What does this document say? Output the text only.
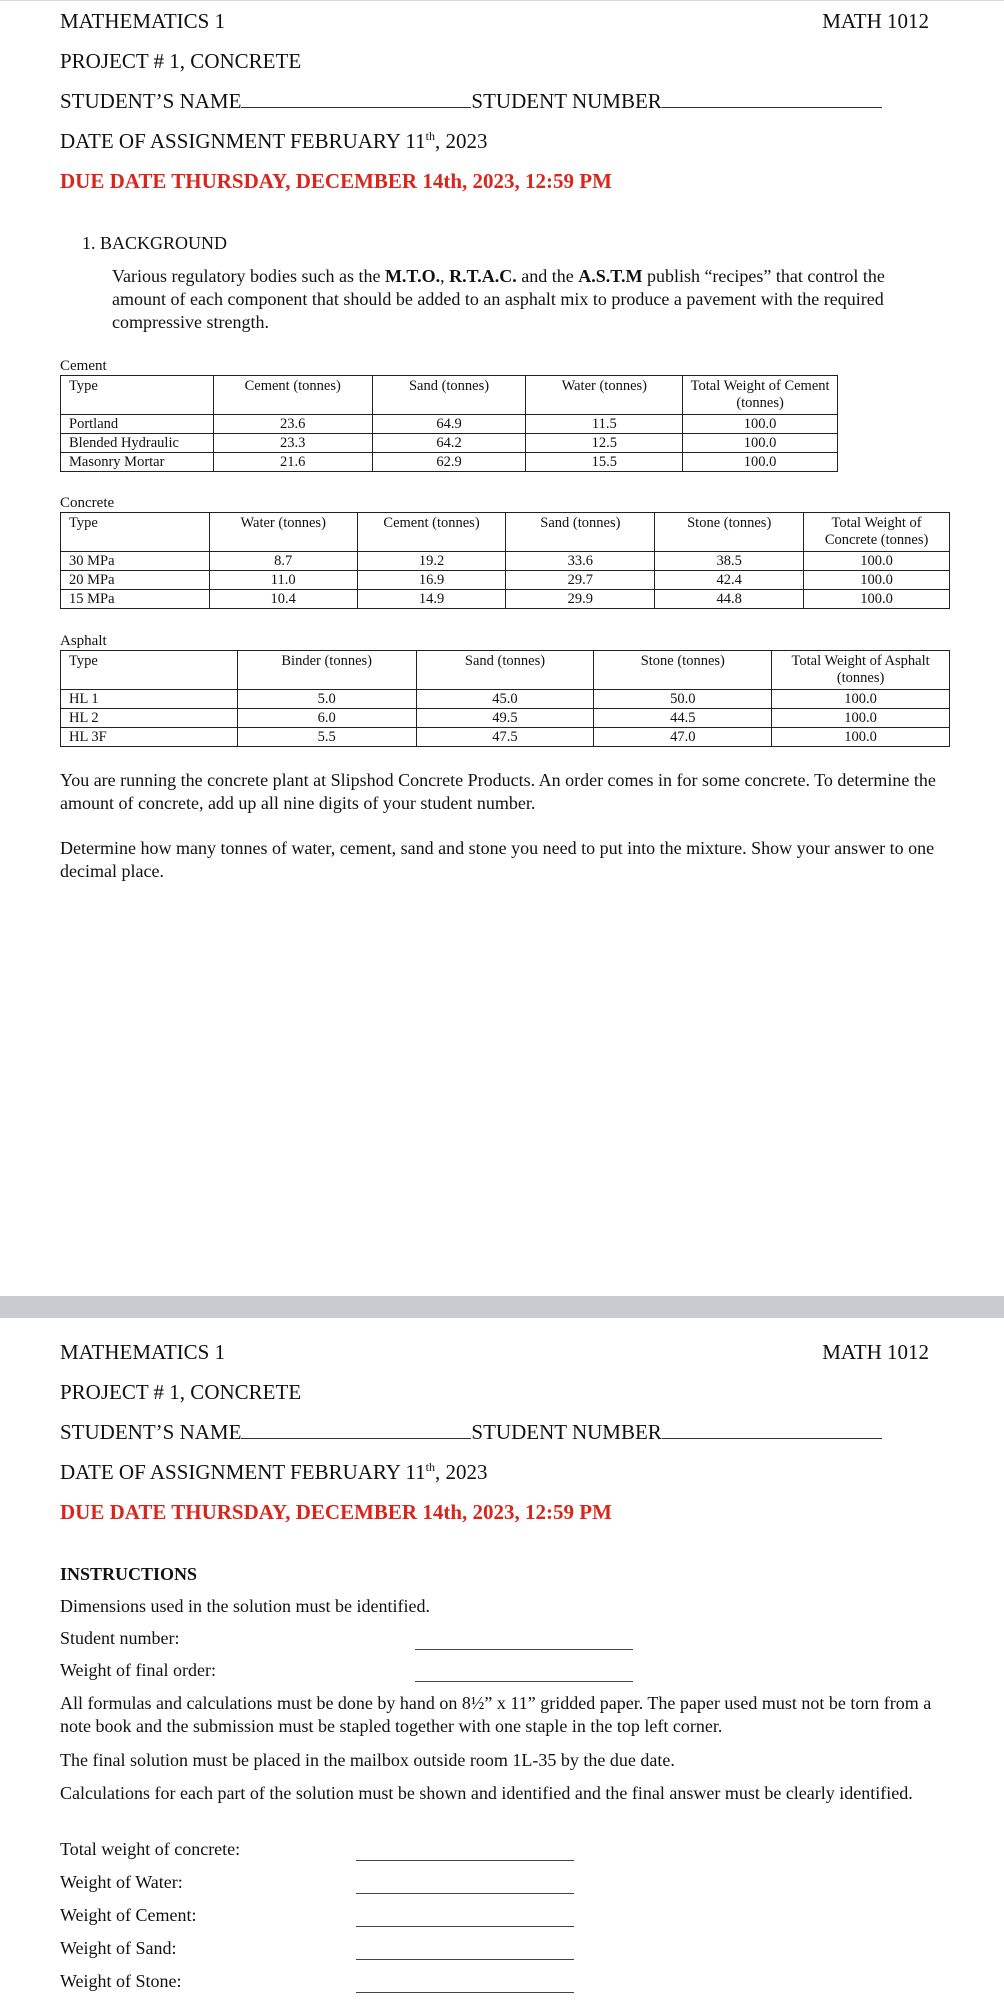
MATHEMATICS 1	MATH 1012
PROJECT # 1, CONCRETE
STUDENT’S NAME	STUDENT NUMBER
DATE OF ASSIGNMENT FEBRUARY 11th, 2023
DUE DATE THURSDAY, DECEMBER 14th, 2023, 12:59 PM
1. BACKGROUND
Various regulatory bodies such as the M.T.O., R.T.A.C. and the A.S.T.M publish “recipes” that control the amount of each component that should be added to an asphalt mix to produce a pavement with the required compressive strength.
Cement
Type	Cement (tonnes)	Sand (tonnes)	Water (tonnes)	Total Weight of Cement (tonnes)
Portland	23.6	64.9	11.5	100.0
Blended Hydraulic	23.3	64.2	12.5	100.0
Masonry Mortar	21.6	62.9	15.5	100.0
Concrete
Type	Water (tonnes)	Cement (tonnes)	Sand (tonnes)	Stone (tonnes)	Total Weight of Concrete (tonnes)
30 MPa	8.7	19.2	33.6	38.5	100.0
20 MPa	11.0	16.9	29.7	42.4	100.0
15 MPa	10.4	14.9	29.9	44.8	100.0
Asphalt
Type	Binder (tonnes)	Sand (tonnes)	Stone (tonnes)	Total Weight of Asphalt (tonnes)
HL 1	5.0	45.0	50.0	100.0
HL 2	6.0	49.5	44.5	100.0
HL 3F	5.5	47.5	47.0	100.0
You are running the concrete plant at Slipshod Concrete Products. An order comes in for some concrete. To determine the amount of concrete, add up all nine digits of your student number.
Determine how many tonnes of water, cement, sand and stone you need to put into the mixture. Show your answer to one decimal place.
MATHEMATICS 1	MATH 1012
PROJECT # 1, CONCRETE
STUDENT’S NAME	STUDENT NUMBER
DATE OF ASSIGNMENT FEBRUARY 11th, 2023
DUE DATE THURSDAY, DECEMBER 14th, 2023, 12:59 PM
INSTRUCTIONS
Dimensions used in the solution must be identified.
Student number:
Weight of final order:
All formulas and calculations must be done by hand on 8½” x 11” gridded paper. The paper used must not be torn from a note book and the submission must be stapled together with one staple in the top left corner.
The final solution must be placed in the mailbox outside room 1L-35 by the due date.
Calculations for each part of the solution must be shown and identified and the final answer must be clearly identified.
Total weight of concrete:
Weight of Water:
Weight of Cement:
Weight of Sand:
Weight of Stone:
